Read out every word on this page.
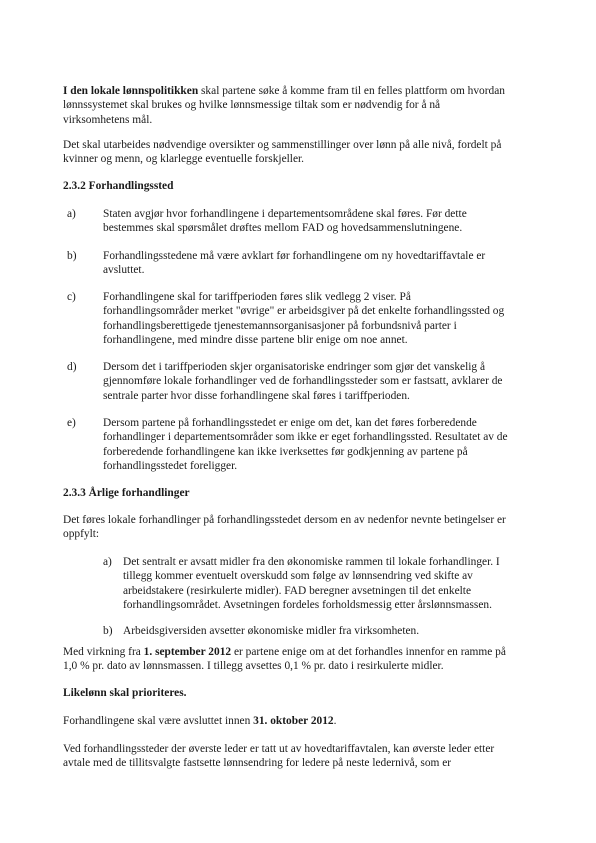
I den lokale lønnspolitikken skal partene søke å komme fram til en felles plattform om hvordan lønnssystemet skal brukes og hvilke lønnsmessige tiltak som er nødvendig for å nå virksomhetens mål.

Det skal utarbeides nødvendige oversikter og sammenstillinger over lønn på alle nivå, fordelt på kvinner og menn, og klarlegge eventuelle forskjeller.

2.3.2 Forhandlingssted
a) Staten avgjør hvor forhandlingene i departementsområdene skal føres. Før dette bestemmes skal spørsmålet drøftes mellom FAD og hovedsammenslutningene.

b) Forhandlingsstedene må være avklart før forhandlingene om ny hovedtariffavtale er avsluttet.

c) Forhandlingene skal for tariffperioden føres slik vedlegg 2 viser. På forhandlingsområder merket "øvrige" er arbeidsgiver på det enkelte forhandlingssted og forhandlingsberettigede tjenestemannsorganisasjoner på forbundsnivå parter i forhandlingene, med mindre disse partene blir enige om noe annet.

d) Dersom det i tariffperioden skjer organisatoriske endringer som gjør det vanskelig å gjennomføre lokale forhandlinger ved de forhandlingssteder som er fastsatt, avklarer de sentrale parter hvor disse forhandlingene skal føres i tariffperioden.

e) Dersom partene på forhandlingsstedet er enige om det, kan det føres forberedende forhandlinger i departementsområder som ikke er eget forhandlingssted. Resultatet av de forberedende forhandlingene kan ikke iverksettes før godkjenning av partene på forhandlingsstedet foreligger.

2.3.3 Årlige forhandlinger

Det føres lokale forhandlinger på forhandlingsstedet dersom en av nedenfor nevnte betingelser er oppfylt:

a) Det sentralt er avsatt midler fra den økonomiske rammen til lokale forhandlinger. I tillegg kommer eventuelt overskudd som følge av lønnsendring ved skifte av arbeidstakere (resirkulerte midler). FAD beregner avsetningen til det enkelte forhandlingsområdet. Avsetningen fordeles forholdsmessig etter årslønnsmassen.

b) Arbeidsgiversiden avsetter økonomiske midler fra virksomheten.

Med virkning fra 1. september 2012 er partene enige om at det forhandles innenfor en ramme på 1,0 % pr. dato av lønnsmassen. I tillegg avsettes 0,1 % pr. dato i resirkulerte midler.

Likelønn skal prioriteres.

Forhandlingene skal være avsluttet innen 31. oktober 2012.

Ved forhandlingssteder der øverste leder er tatt ut av hovedtariffavtalen, kan øverste leder etter avtale med de tillitsvalgte fastsette lønnsendring for ledere på neste ledernivå, som er
